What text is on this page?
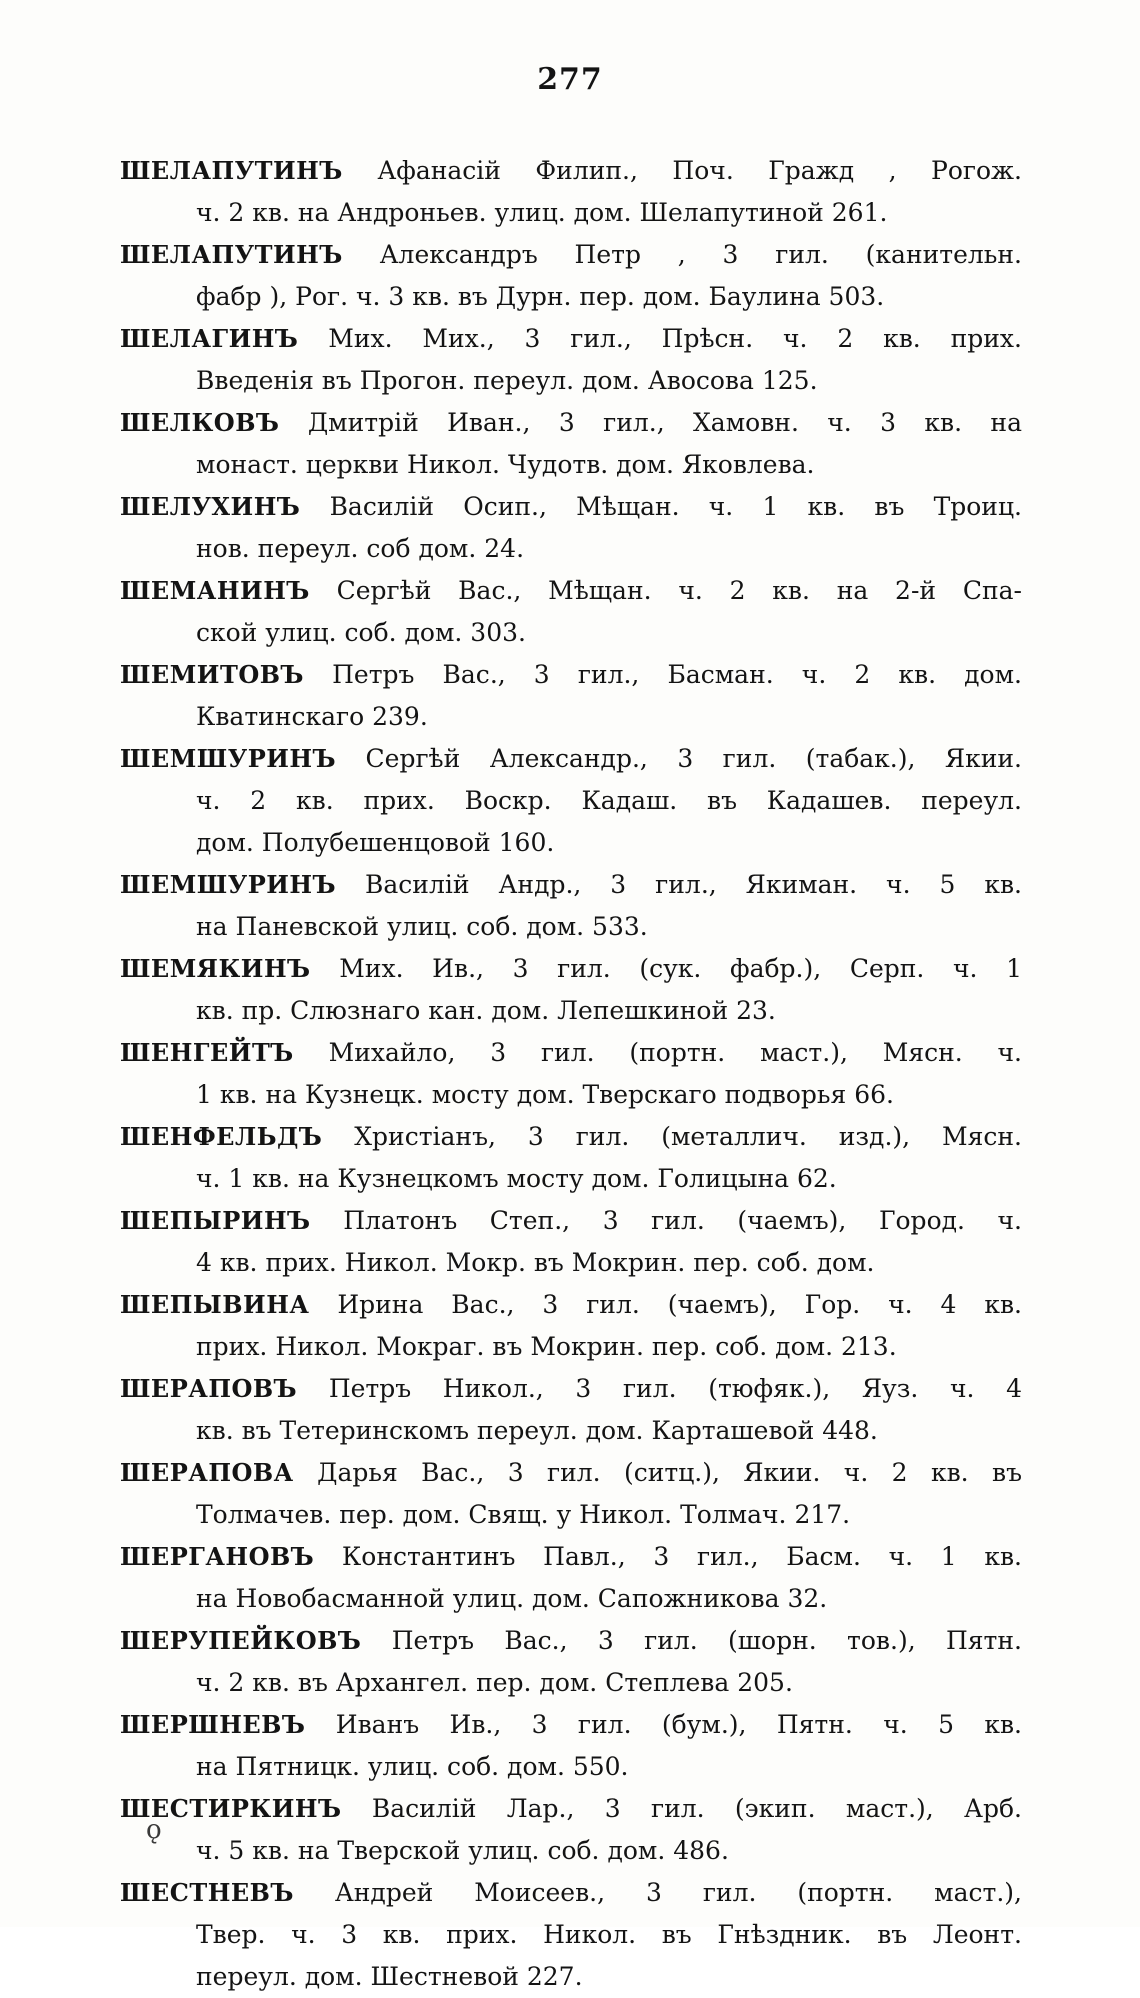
277
ШЕЛАПУТИНЪ Афанасій Филип., Поч. Гражд , Рогож.
ч. 2 кв. на Андроньев. улиц. дом. Шелапутиной 261.
ШЕЛАПУТИНЪ Александръ Петр , 3 гил. (канительн.
фабр ), Рог. ч. 3 кв. въ Дурн. пер. дом. Баулина 503.
ШЕЛАГИНЪ Мих. Мих., 3 гил., Прѣсн. ч. 2 кв. прих.
Введенія въ Прогон. переул. дом. Авосова 125.
ШЕЛКОВЪ Дмитрій Иван., 3 гил., Хамовн. ч. 3 кв. на
монаст. церкви Никол. Чудотв. дом. Яковлева.
ШЕЛУХИНЪ Василій Осип., Мѣщан. ч. 1 кв. въ Троиц.
нов. переул. соб дом. 24.
ШЕМАНИНЪ Сергѣй Вас., Мѣщан. ч. 2 кв. на 2-й Спа-
ской улиц. соб. дом. 303.
ШЕМИТОВЪ Петръ Вас., 3 гил., Басман. ч. 2 кв. дом.
Кватинскаго 239.
ШЕМШУРИНЪ Сергѣй Александр., 3 гил. (табак.), Якии.
ч. 2 кв. прих. Воскр. Кадаш. въ Кадашев. переул.
дом. Полубешенцовой 160.
ШЕМШУРИНЪ Василій Андр., 3 гил., Якиман. ч. 5 кв.
на Паневской улиц. соб. дом. 533.
ШЕМЯКИНЪ Мих. Ив., 3 гил. (сук. фабр.), Серп. ч. 1
кв. пр. Слюзнаго кан. дом. Лепешкиной 23.
ШЕНГЕЙТЪ Михайло, 3 гил. (портн. маст.), Мясн. ч.
1 кв. на Кузнецк. мосту дом. Тверскаго подворья 66.
ШЕНФЕЛЬДЪ Христіанъ, 3 гил. (металлич. изд.), Мясн.
ч. 1 кв. на Кузнецкомъ мосту дом. Голицына 62.
ШЕПЫРИНЪ Платонъ Степ., 3 гил. (чаемъ), Город. ч.
4 кв. прих. Никол. Мокр. въ Мокрин. пер. соб. дом.
ШЕПЫВИНА Ирина Вас., 3 гил. (чаемъ), Гор. ч. 4 кв.
прих. Никол. Мокраг. въ Мокрин. пер. соб. дом. 213.
ШЕРАПОВЪ Петръ Никол., 3 гил. (тюфяк.), Яуз. ч. 4
кв. въ Тетеринскомъ переул. дом. Карташевой 448.
ШЕРАПОВА Дарья Вас., 3 гил. (ситц.), Якии. ч. 2 кв. въ
Толмачев. пер. дом. Свящ. у Никол. Толмач. 217.
ШЕРГАНОВЪ Константинъ Павл., 3 гил., Басм. ч. 1 кв.
на Новобасманной улиц. дом. Сапожникова 32.
ШЕРУПЕЙКОВЪ Петръ Вас., 3 гил. (шорн. тов.), Пятн.
ч. 2 кв. въ Архангел. пер. дом. Степлева 205.
ШЕРШНЕВЪ Иванъ Ив., 3 гил. (бум.), Пятн. ч. 5 кв.
на Пятницк. улиц. соб. дом. 550.
ШЕСТИРКИНЪ Василій Лар., 3 гил. (экип. маст.), Арб.
ч. 5 кв. на Тверской улиц. соб. дом. 486.
ШЕСТНЕВЪ Андрей Моисеев., 3 гил. (портн. маст.),
Твер. ч. 3 кв. прих. Никол. въ Гнѣздник. въ Леонт.
переул. дом. Шестневой 227.
ǫ
